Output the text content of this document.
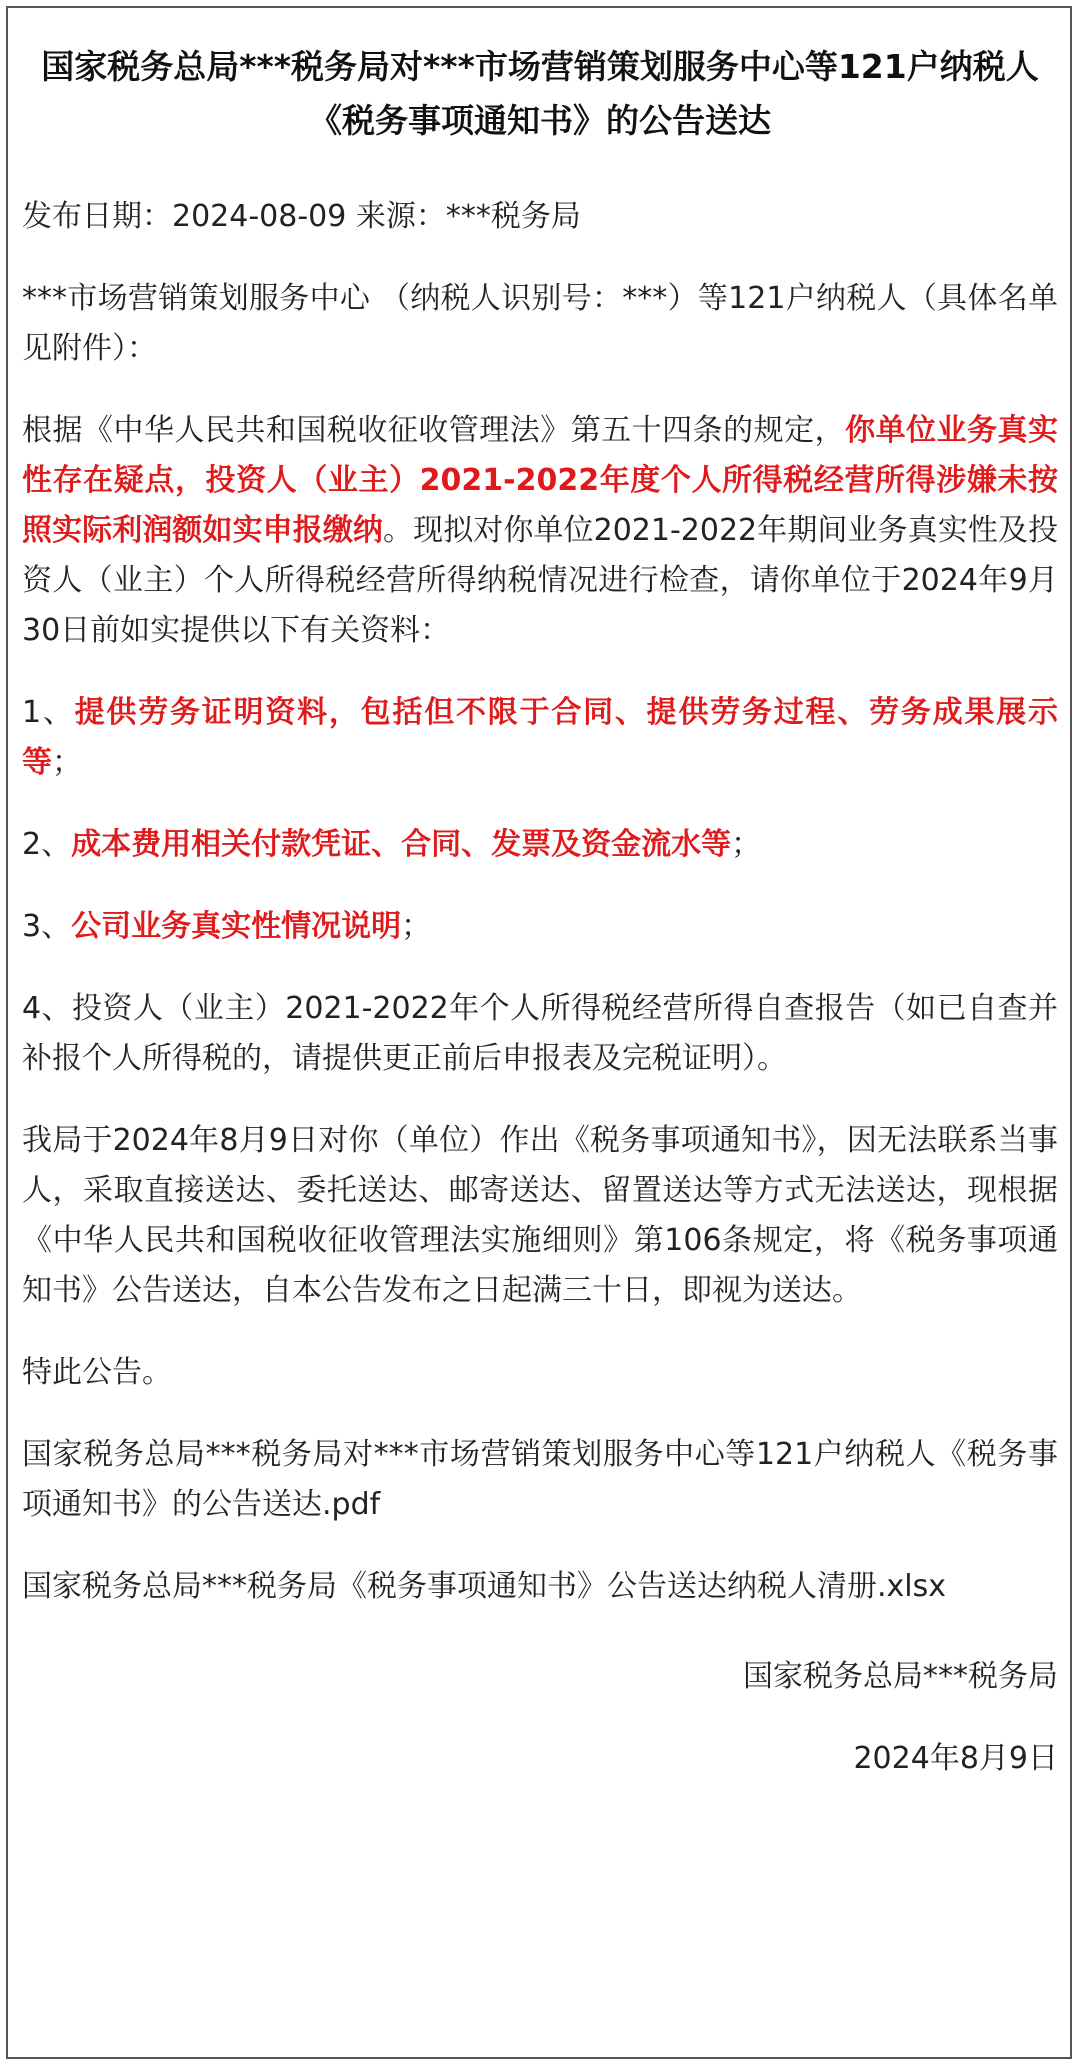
国家税务总局***税务局对***市场营销策划服务中心等121户纳税人《税务事项通知书》的公告送达
发布日期：2024-08-09 来源：***税务局
***市场营销策划服务中心 （纳税人识别号：***）等121户纳税人（具体名单见附件）：
根据《中华人民共和国税收征收管理法》第五十四条的规定，你单位业务真实性存在疑点，投资人（业主）2021-2022年度个人所得税经营所得涉嫌未按照实际利润额如实申报缴纳。现拟对你单位2021-2022年期间业务真实性及投资人（业主）个人所得税经营所得纳税情况进行检查，请你单位于2024年9月30日前如实提供以下有关资料：
1、提供劳务证明资料，包括但不限于合同、提供劳务过程、劳务成果展示等；
2、成本费用相关付款凭证、合同、发票及资金流水等；
3、公司业务真实性情况说明；
4、投资人（业主）2021-2022年个人所得税经营所得自查报告（如已自查并补报个人所得税的，请提供更正前后申报表及完税证明）。
我局于2024年8月9日对你（单位）作出《税务事项通知书》，因无法联系当事人，采取直接送达、委托送达、邮寄送达、留置送达等方式无法送达，现根据《中华人民共和国税收征收管理法实施细则》第106条规定，将《税务事项通知书》公告送达，自本公告发布之日起满三十日，即视为送达。
特此公告。
国家税务总局***税务局对***市场营销策划服务中心等121户纳税人《税务事项通知书》的公告送达.pdf
国家税务总局***税务局《税务事项通知书》公告送达纳税人清册.xlsx
国家税务总局***税务局
2024年8月9日
